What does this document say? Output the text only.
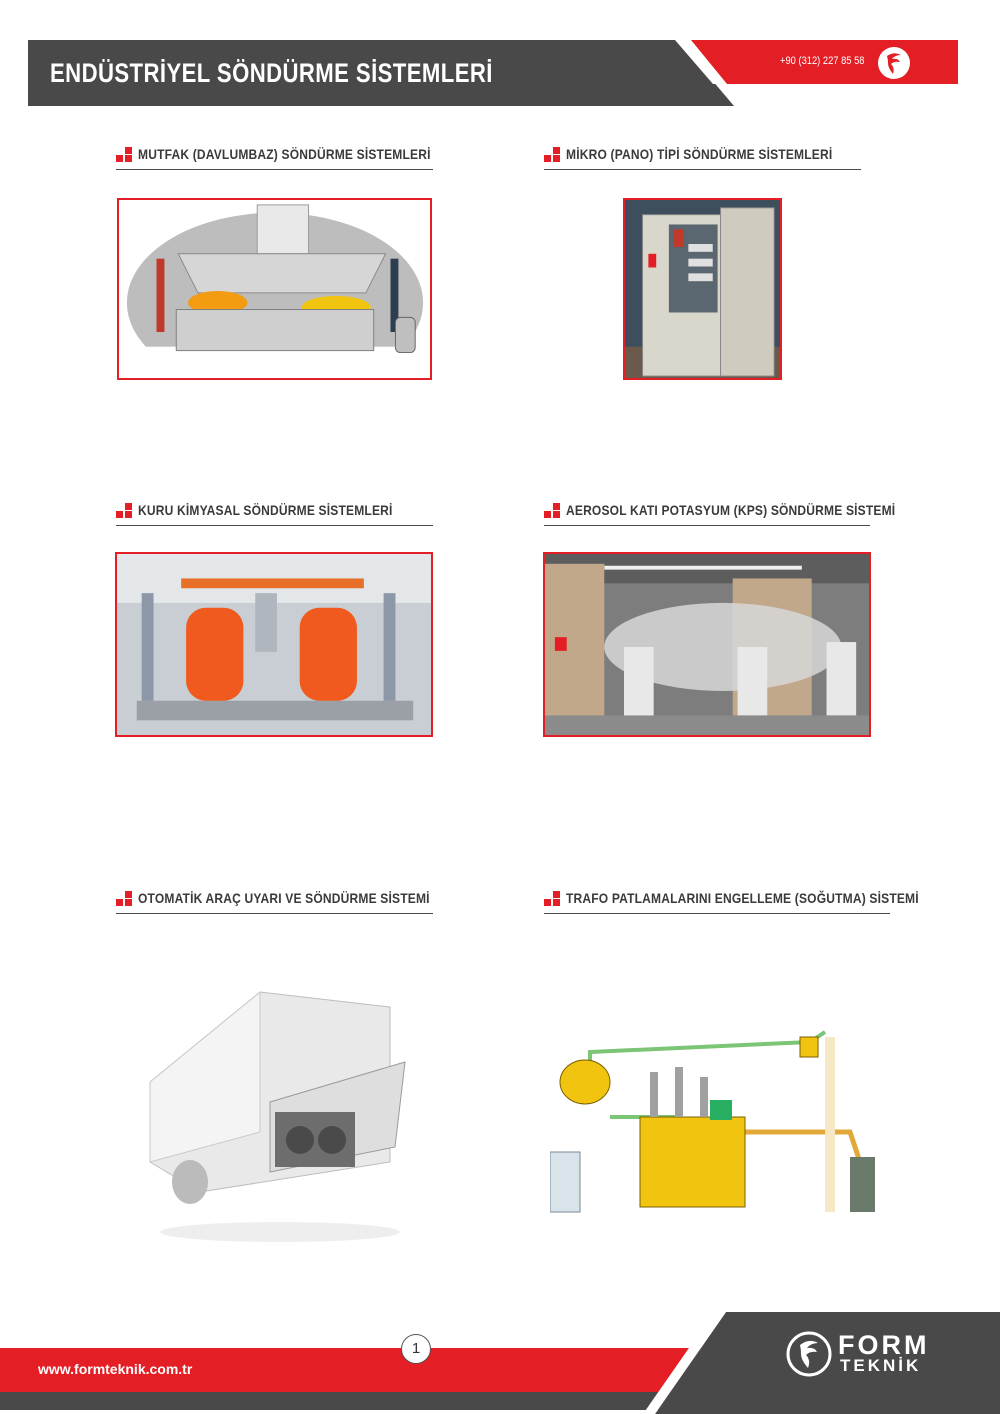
ENDÜSTRİYEL SÖNDÜRME SİSTEMLERİ	+90 (312) 227 85 58
MUTFAK (DAVLUMBAZ) SÖNDÜRME SİSTEMLERİ	MİKRO (PANO) TİPİ SÖNDÜRME SİSTEMLERİ
KURU KİMYASAL SÖNDÜRME SİSTEMLERİ	AEROSOL KATI POTASYUM (KPS) SÖNDÜRME SİSTEMİ
OTOMATİK ARAÇ UYARI VE SÖNDÜRME SİSTEMİ	TRAFO PATLAMALARINI ENGELLEME (SOĞUTMA) SİSTEMİ
www.formteknik.com.tr
1	FORM
TEKNİK
